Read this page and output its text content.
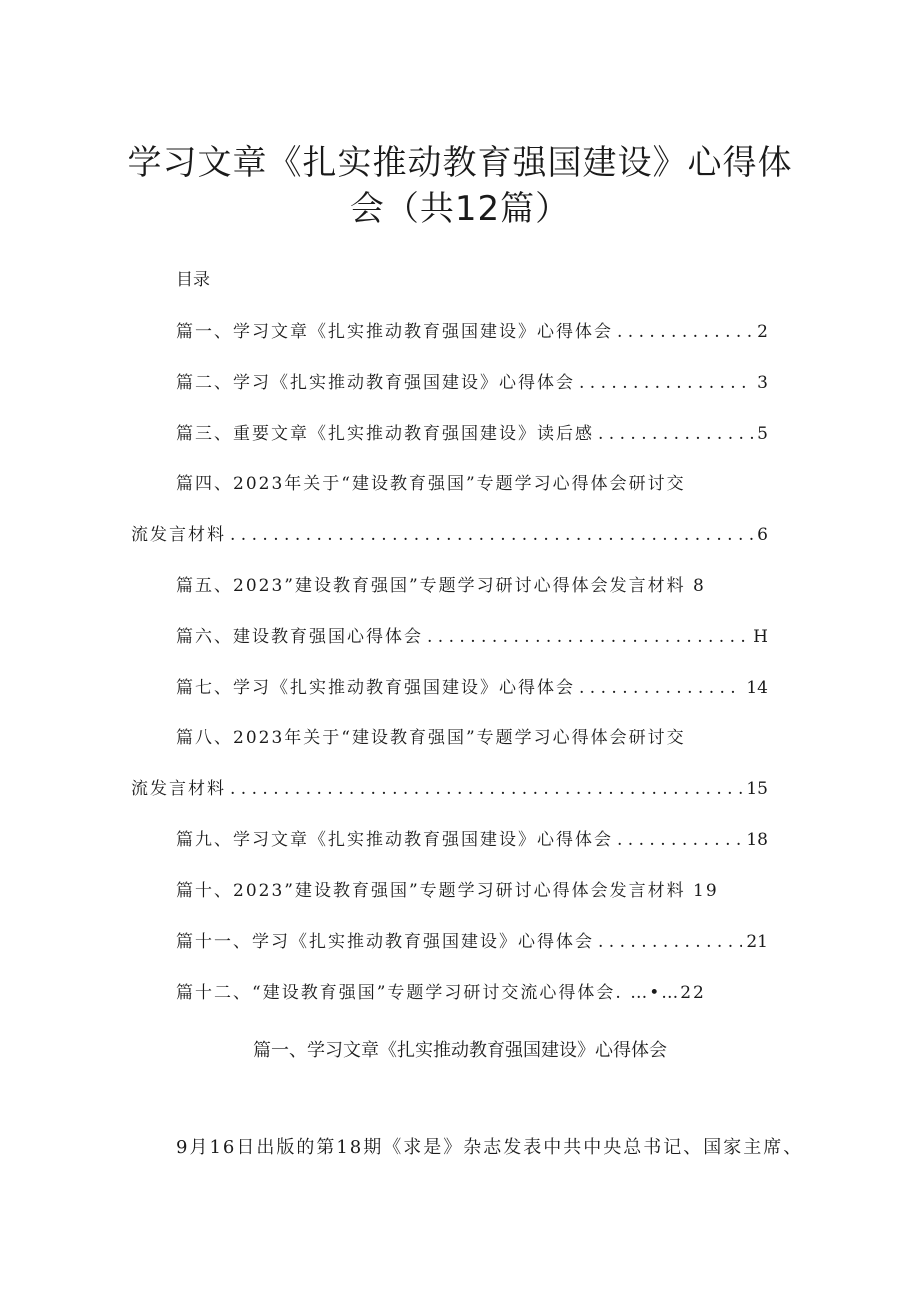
学习文章《扎实推动教育强国建设》心得体
会（共12篇）
目录
篇一、学习文章《扎实推动教育强国建设》心得体会 . . .	2
篇二、学习《扎实推动教育强国建设》心得体会 . . .	3
篇三、重要文章《扎实推动教育强国建设》读后感 . . .	5
篇四、2023年关于“建设教育强国”专题学习心得体会研讨交
流发言材料 . . .	6
篇五、2023”建设教育强国”专题学习研讨心得体会发言材料 8
篇六、建设教育强国心得体会 . . .	H
篇七、学习《扎实推动教育强国建设》心得体会 . . .	14
篇八、2023年关于“建设教育强国”专题学习心得体会研讨交
流发言材料 . . .	15
篇九、学习文章《扎实推动教育强国建设》心得体会 . . .	18
篇十、2023”建设教育强国”专题学习研讨心得体会发言材料 19
篇十一、学习《扎实推动教育强国建设》心得体会 . . .	21
篇十二、“建设教育强国”专题学习研讨交流心得体会. …•…22
篇一、学习文章《扎实推动教育强国建设》心得体会
9月16日出版的第18期《求是》杂志发表中共中央总书记、国家主席、
